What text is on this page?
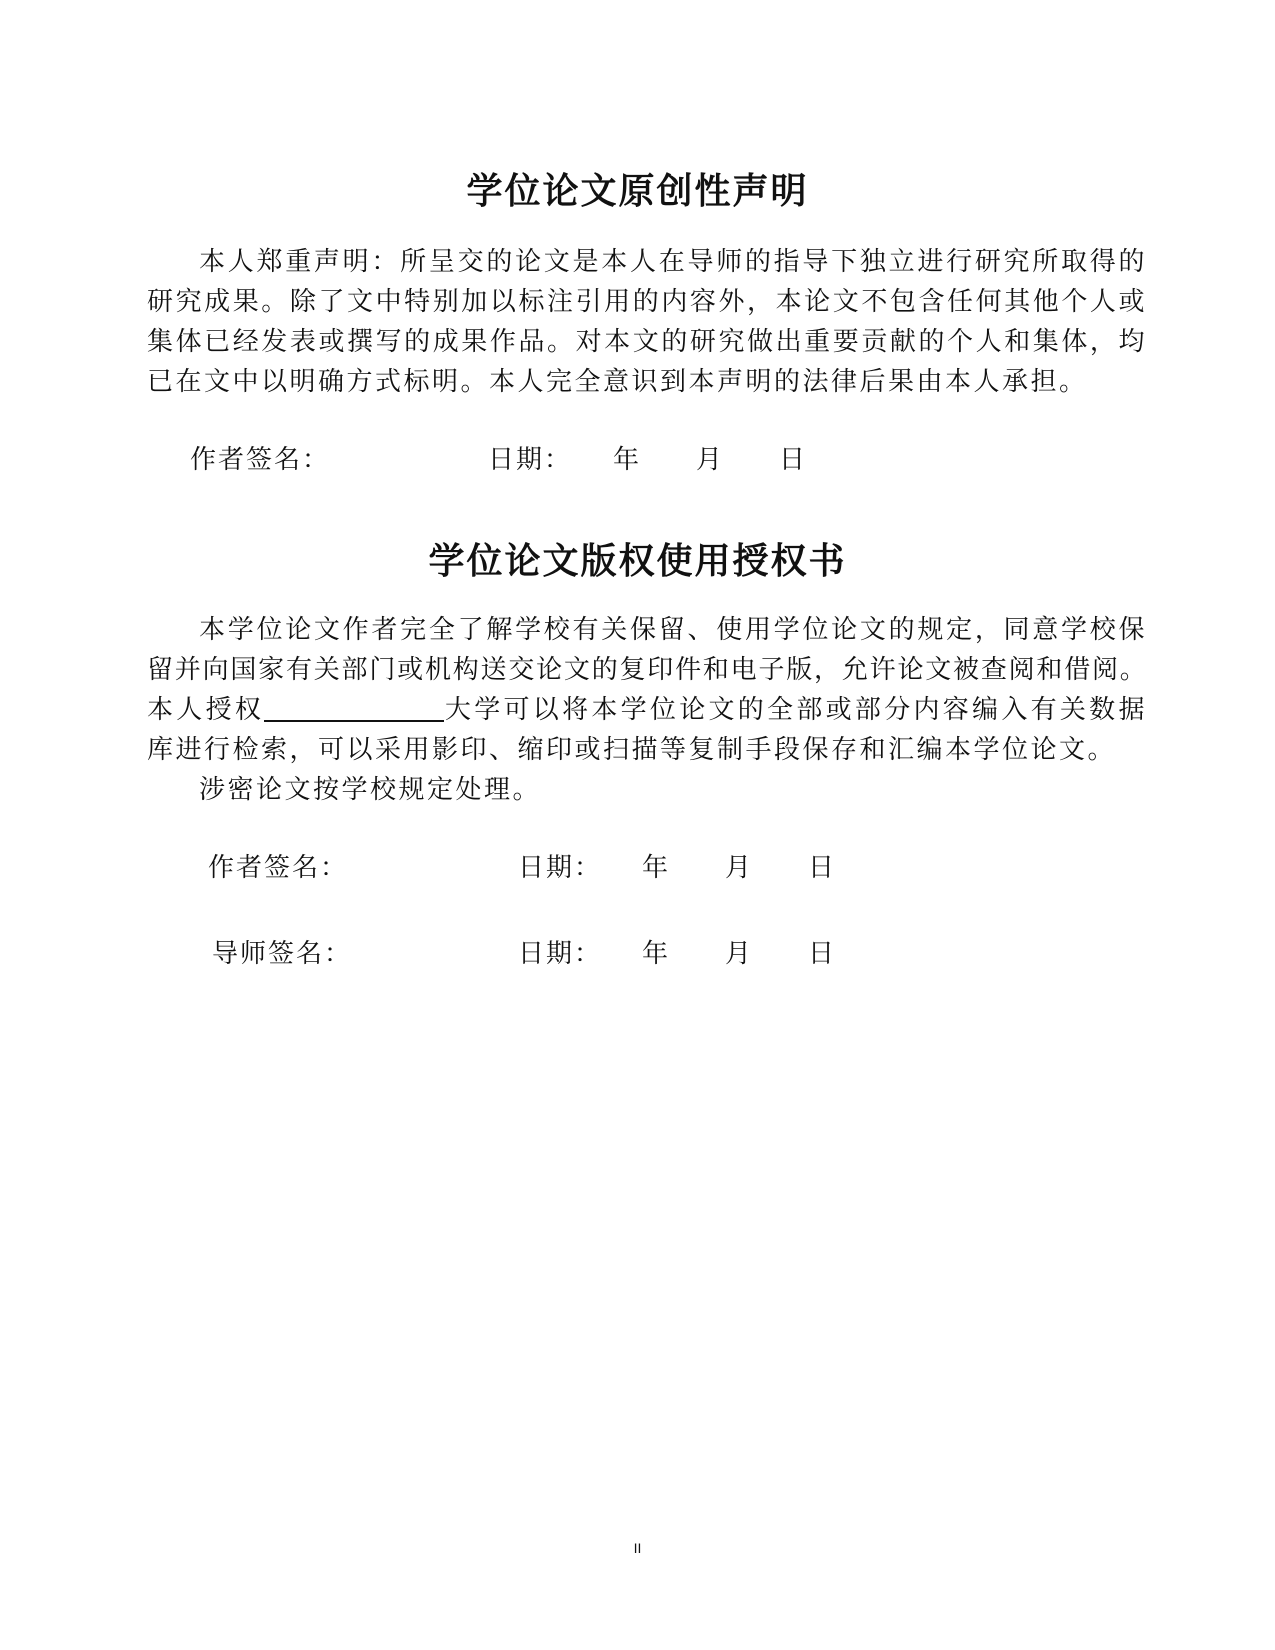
学位论文原创性声明
本人郑重声明：所呈交的论文是本人在导师的指导下独立进行研究所取得的
研究成果。除了文中特别加以标注引用的内容外，本论文不包含任何其他个人或
集体已经发表或撰写的成果作品。对本文的研究做出重要贡献的个人和集体，均
已在文中以明确方式标明。本人完全意识到本声明的法律后果由本人承担。
作者签名：	日期： 年 月 日
学位论文版权使用授权书
本学位论文作者完全了解学校有关保留、使用学位论文的规定，同意学校保
留并向国家有关部门或机构送交论文的复印件和电子版，允许论文被查阅和借阅。
本人授权	大学可以将本学位论文的全部或部分内容编入有关数据
库进行检索，可以采用影印、缩印或扫描等复制手段保存和汇编本学位论文。
涉密论文按学校规定处理。
作者签名：	日期： 年 月 日
导师签名：	日期： 年 月 日
II
